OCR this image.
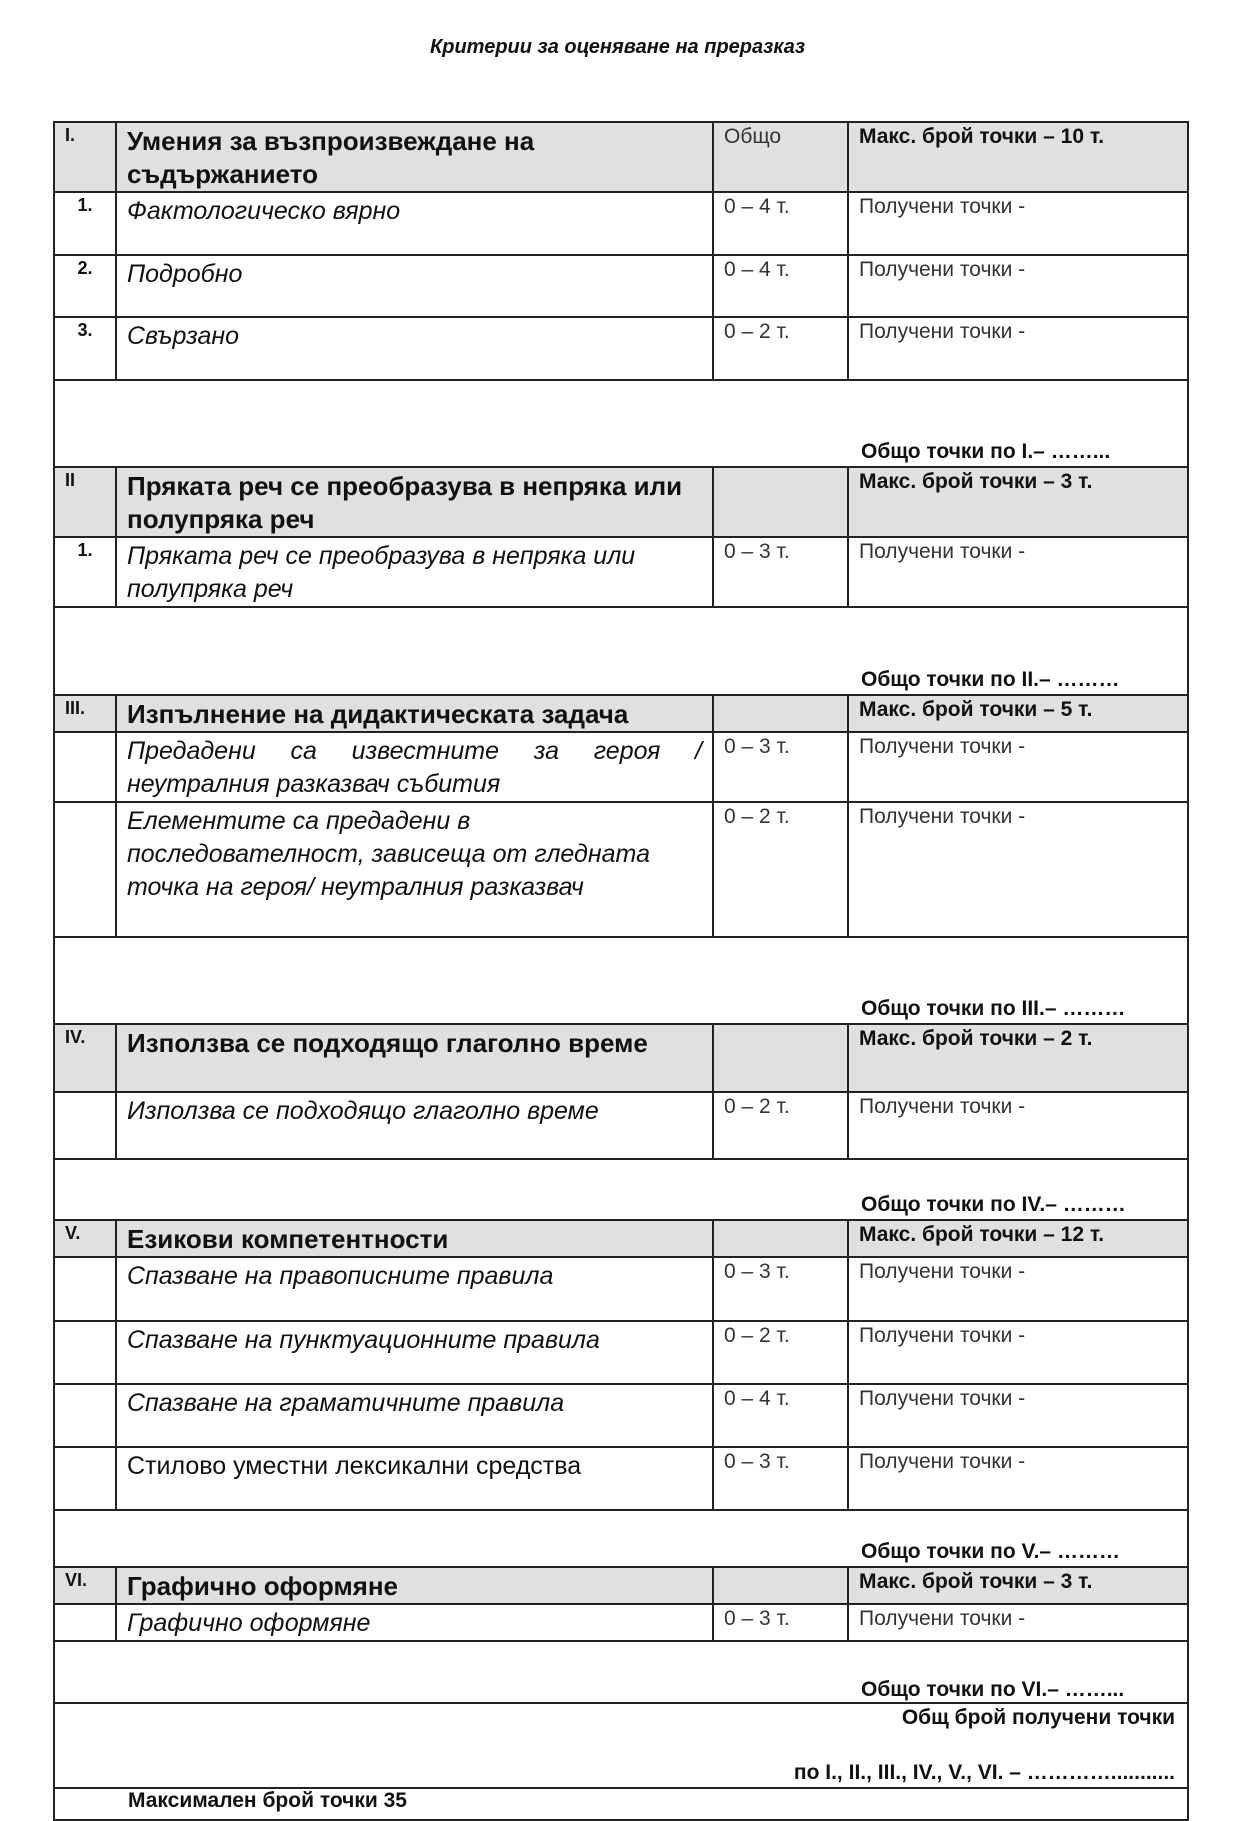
Критерии за оценяване на преразказ
I.	Умения за възпроизвеждане на съдържанието	Общо	Макс. брой точки – 10 т.
1.	Фактологическо вярно	0 – 4 т.	Получени точки -
2.	Подробно	0 – 4 т.	Получени точки -
3.	Свързано	0 – 2 т.	Получени точки -

Общо точки по I.– ……...			

II	Пряката реч се преобразува в непряка или полупряка реч		Макс. брой точки – 3 т.
1.	Пряката реч се преобразува в непряка или полупряка реч	0 – 3 т.	Получени точки -

Общо точки по II.– ………			

III.	Изпълнение на дидактическата задача		Макс. брой точки – 5 т.
	Предадени са известните за героя / неутралния разказвач събития	0 – 3 т.	Получени точки -
	Елементите са предадени в последователност, зависеща от гледната точка на героя/ неутралния разказвач	0 – 2 т.	Получени точки -

Общо точки по III.– ………			

IV.	Използва се подходящо глаголно време		Макс. брой точки – 2 т.
	Използва се подходящо глаголно време	0 – 2 т.	Получени точки -

Общо точки по IV.– ………			

V.	Езикови компетентности		Макс. брой точки – 12 т.
	Спазване на правописните правила	0 – 3 т.	Получени точки -
	Спазване на пунктуационните правила	0 – 2 т.	Получени точки -
	Спазване на граматичните правила	0 – 4 т.	Получени точки -
	Стилово уместни лексикални средства	0 – 3 т.	Получени точки -

Общо точки по V.– ………			

VI.	Графично оформяне		Макс. брой точки – 3 т.
	Графично оформяне	0 – 3 т.	Получени точки -

Общо точки по VI.– ……...			

Общ брой получени точки
по I., II., III., IV., V., VI. – …………...........			

Максимален брой точки 35			
